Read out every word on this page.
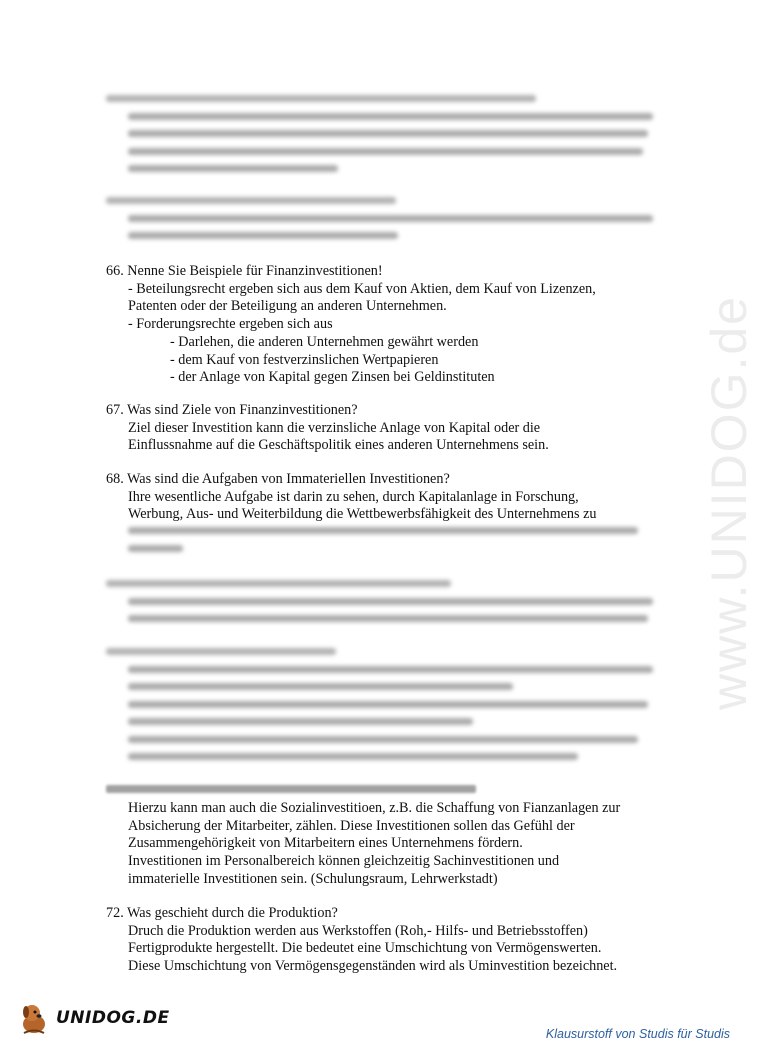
66. Nenne Sie Beispiele für Finanzinvestitionen!
- Beteilungsrecht ergeben sich aus dem Kauf von Aktien, dem Kauf von Lizenzen,
Patenten oder der Beteiligung an anderen Unternehmen.
- Forderungsrechte ergeben sich aus
- Darlehen, die anderen Unternehmen gewährt werden
- dem Kauf von festverzinslichen Wertpapieren
- der Anlage von Kapital gegen Zinsen bei Geldinstituten
67. Was sind Ziele von Finanzinvestitionen?
Ziel dieser Investition kann die verzinsliche Anlage von Kapital oder die
Einflussnahme auf die Geschäftspolitik eines anderen Unternehmens sein.
68. Was sind die Aufgaben von Immateriellen Investitionen?
Ihre wesentliche Aufgabe ist darin zu sehen, durch Kapitalanlage in Forschung,
Werbung, Aus- und Weiterbildung die Wettbewerbsfähigkeit des Unternehmens zu
Hierzu kann man auch die Sozialinvestitioen, z.B. die Schaffung von Fianzanlagen zur
Absicherung der Mitarbeiter, zählen. Diese Investitionen sollen das Gefühl der
Zusammengehörigkeit von Mitarbeitern eines Unternehmens fördern.
Investitionen im Personalbereich können gleichzeitig Sachinvestitionen und
immaterielle Investitionen sein. (Schulungsraum, Lehrwerkstadt)
72. Was geschieht durch die Produktion?
Druch die Produktion werden aus Werkstoffen (Roh,- Hilfs- und Betriebsstoffen)
Fertigprodukte hergestellt. Die bedeutet eine Umschichtung von Vermögenswerten.
Diese Umschichtung von Vermögensgegenständen wird als Uminvestition bezeichnet.
www.UNIDOG.de
UNIDOG.DE
Klausurstoff von Studis für Studis
